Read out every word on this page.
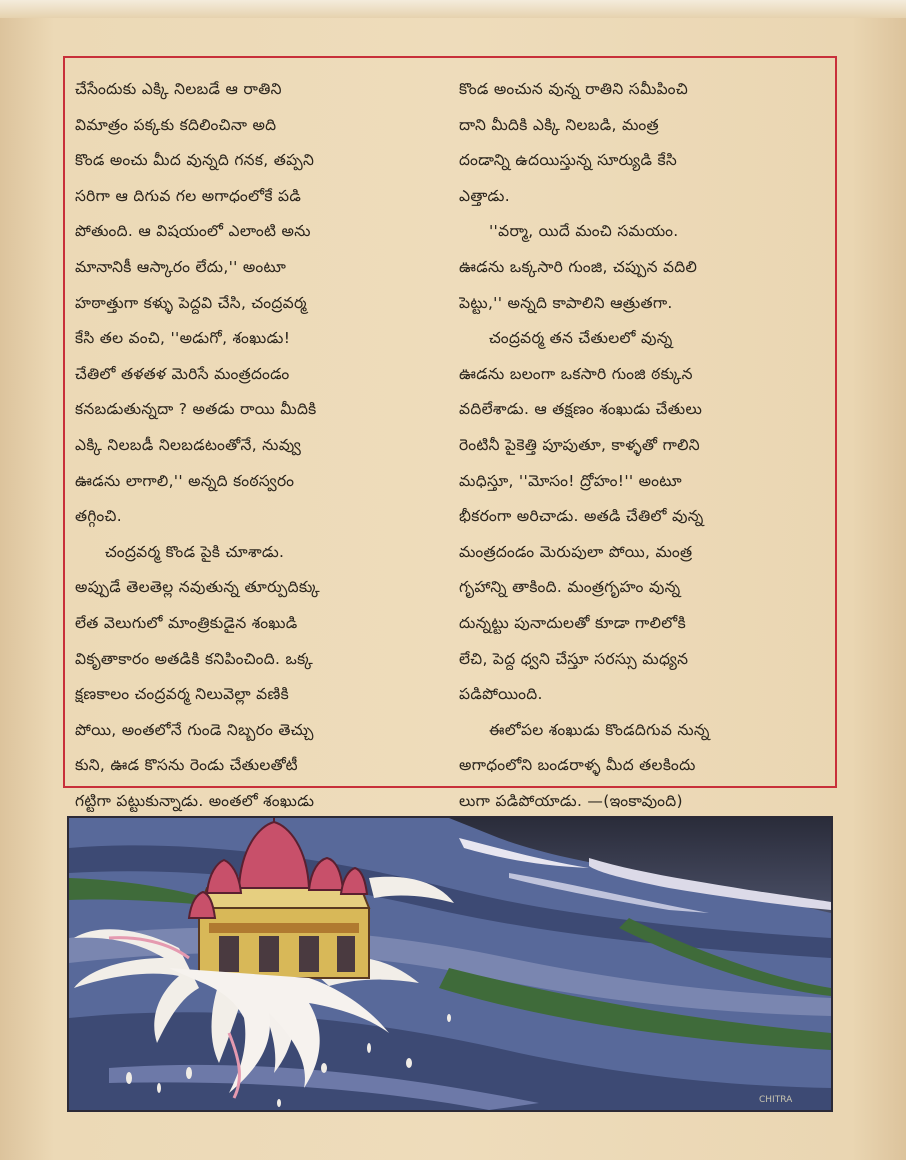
చేసేందుకు ఎక్కి నిలబడే ఆ రాతిని
విమాత్రం పక్కకు కదిలించినా అది
కొండ అంచు మీద వున్నది గనక, తప్పని
సరిగా ఆ దిగువ గల అగాధంలోకే పడి
పోతుంది. ఆ విషయంలో ఎలాంటి అను
మానానికీ ఆస్కారం లేదు,'' అంటూ
హఠాత్తుగా కళ్ళు పెద్దవి చేసి, చంద్రవర్మ
కేసి తల వంచి, ''అడుగో, శంఖుడు!
చేతిలో తళతళ మెరిసే మంత్రదండం
కనబడుతున్నదా ? అతడు రాయి మీదికి
ఎక్కి నిలబడీ నిలబడటంతోనే, నువ్వు
ఊడను లాగాలి,'' అన్నది కంఠస్వరం
తగ్గించి.
చంద్రవర్మ కొండ పైకి చూశాడు.
అప్పుడే తెలతెల్ల నవుతున్న తూర్పుదిక్కు
లేత వెలుగులో మాంత్రికుడైన శంఖుడి
వికృతాకారం అతడికి కనిపించింది. ఒక్క
క్షణకాలం చంద్రవర్మ నిలువెల్లా వణికి
పోయి, అంతలోనే గుండె నిబ్బరం తెచ్చు
కుని, ఊడ కొసను రెండు చేతులతోటీ
గట్టిగా పట్టుకున్నాడు. అంతలో శంఖుడు
కొండ అంచున వున్న రాతిని సమీపించి
దాని మీదికి ఎక్కి నిలబడి, మంత్ర
దండాన్ని ఉదయిస్తున్న సూర్యుడి కేసి
ఎత్తాడు.
''వర్మా, యిదే మంచి సమయం.
ఊడను ఒక్కసారి గుంజి, చప్పున వదిలి
పెట్టు,'' అన్నది కాపాలిని ఆత్రుతగా.
చంద్రవర్మ తన చేతులలో వున్న
ఊడను బలంగా ఒకసారి గుంజి ఠక్కున
వదిలేశాడు. ఆ తక్షణం శంఖుడు చేతులు
రెంటినీ పైకెత్తి పూపుతూ, కాళ్ళతో గాలిని
మధిస్తూ, ''మోసం! ద్రోహం!'' అంటూ
భీకరంగా అరిచాడు. అతడి చేతిలో వున్న
మంత్రదండం మెరుపులా పోయి, మంత్ర
గృహాన్ని తాకింది. మంత్రగృహం వున్న
దున్నట్టు పునాదులతో కూడా గాలిలోకి
లేచి, పెద్ద ధ్వని చేస్తూ సరస్సు మధ్యన
పడిపోయింది.
ఈలోపల శంఖుడు కొండదిగువ నున్న
అగాధంలోని బండరాళ్ళ మీద తలకిందు
లుగా పడిపోయాడు. —(ఇంకావుంది)
CHITRA
